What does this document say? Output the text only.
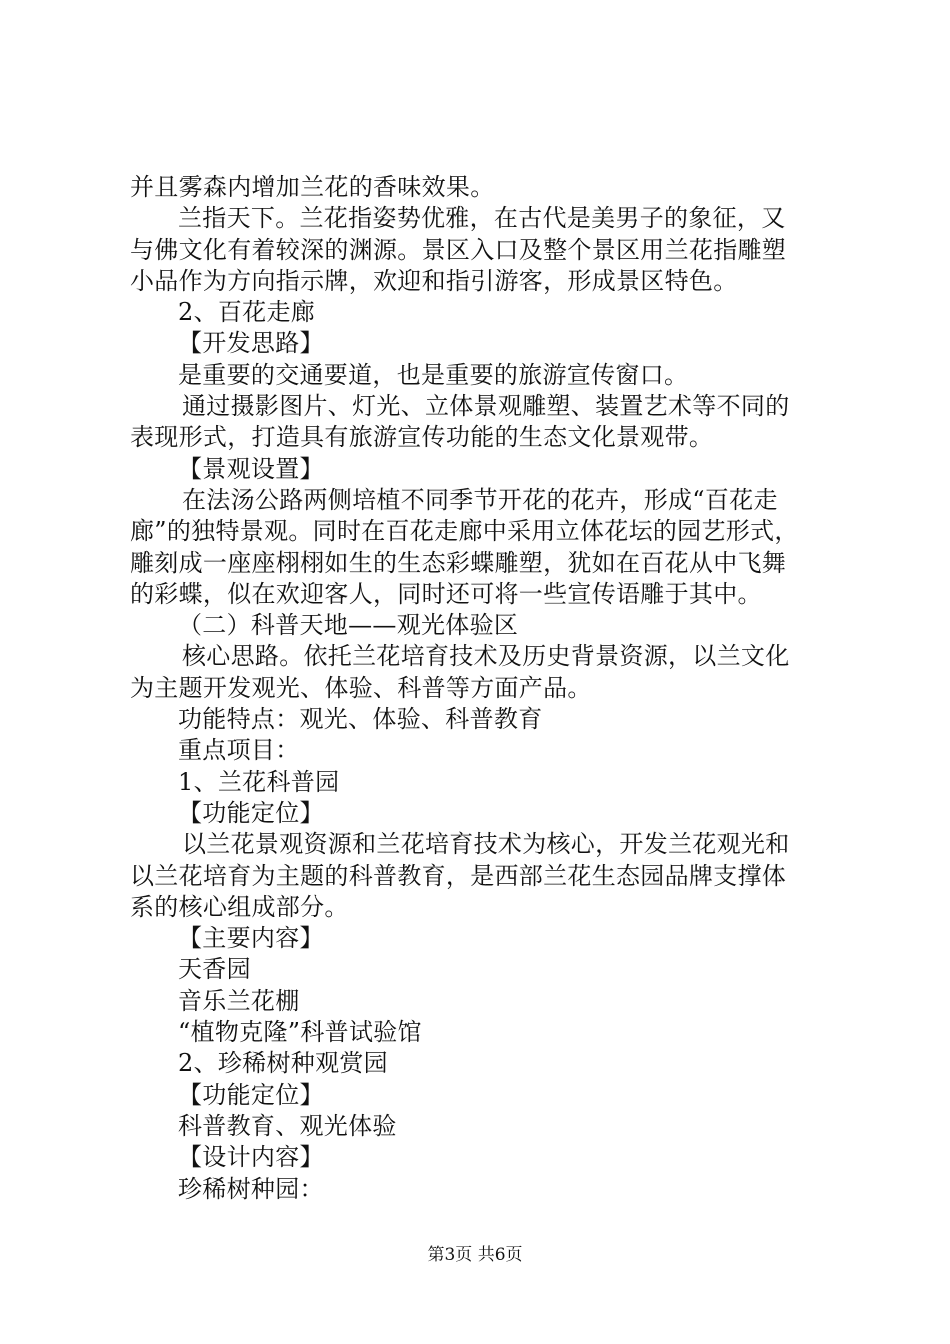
并且雾森内增加兰花的香味效果。
兰指天下。兰花指姿势优雅，在古代是美男子的象征，又
与佛文化有着较深的渊源。景区入口及整个景区用兰花指雕塑
小品作为方向指示牌，欢迎和指引游客，形成景区特色。
2、百花走廊
【开发思路】
是重要的交通要道，也是重要的旅游宣传窗口。
通过摄影图片、灯光、立体景观雕塑、装置艺术等不同的
表现形式，打造具有旅游宣传功能的生态文化景观带。
【景观设置】
在法汤公路两侧培植不同季节开花的花卉，形成“百花走
廊”的独特景观。同时在百花走廊中采用立体花坛的园艺形式，
雕刻成一座座栩栩如生的生态彩蝶雕塑，犹如在百花从中飞舞
的彩蝶，似在欢迎客人，同时还可将一些宣传语雕于其中。
（二）科普天地——观光体验区
核心思路。依托兰花培育技术及历史背景资源，以兰文化
为主题开发观光、体验、科普等方面产品。
功能特点：观光、体验、科普教育
重点项目：
1、兰花科普园
【功能定位】
以兰花景观资源和兰花培育技术为核心，开发兰花观光和
以兰花培育为主题的科普教育，是西部兰花生态园品牌支撑体
系的核心组成部分。
【主要内容】
天香园
音乐兰花棚
“植物克隆”科普试验馆
2、珍稀树种观赏园
【功能定位】
科普教育、观光体验
【设计内容】
珍稀树种园：
第3页 共6页
